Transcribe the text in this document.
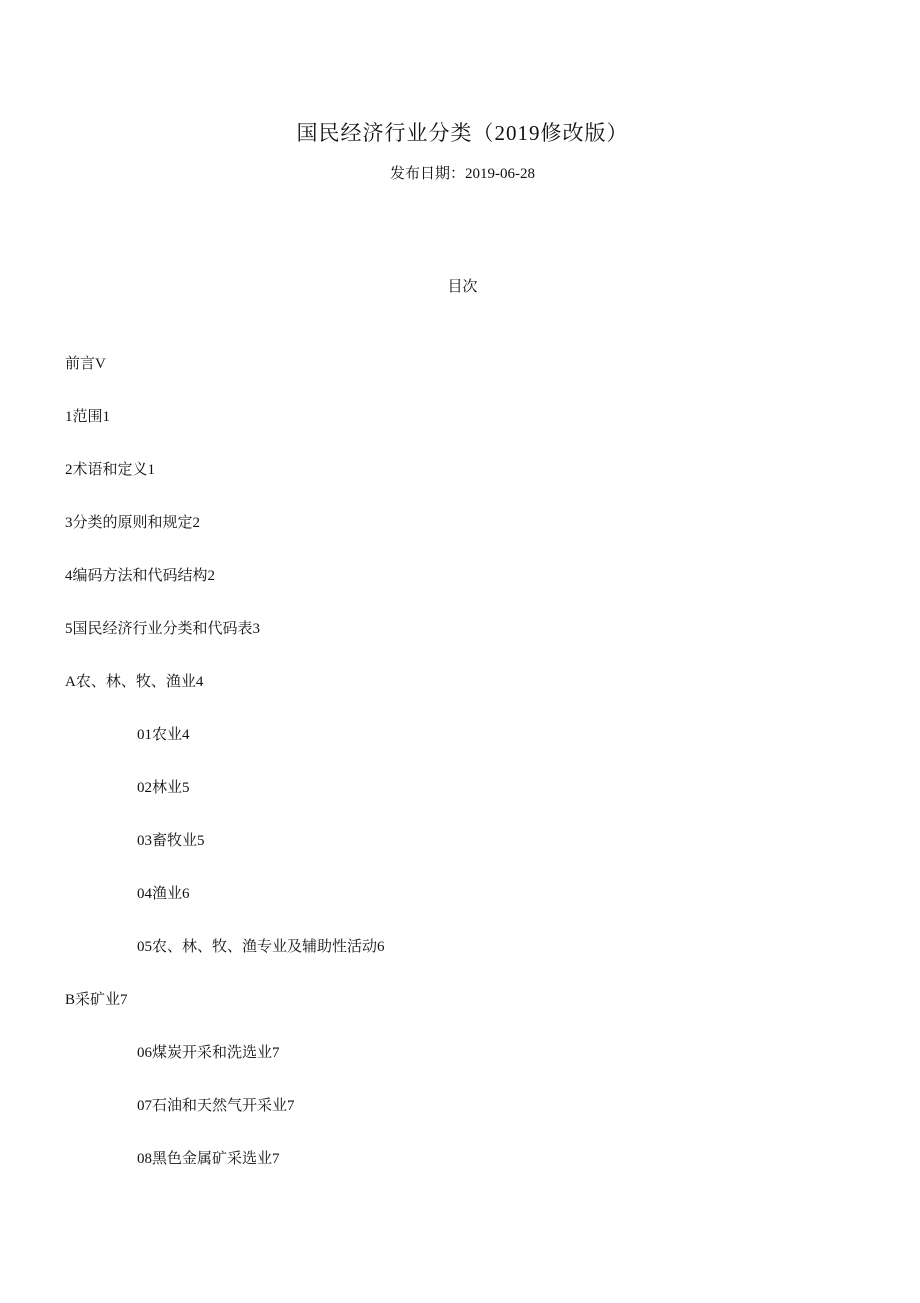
国民经济行业分类（2019修改版）

发布日期：2019-06-28

目次

前言V
1范围1
2术语和定义1
3分类的原则和规定2
4编码方法和代码结构2
5国民经济行业分类和代码表3
A农、林、牧、渔业4
01农业4
02林业5
03畜牧业5
04渔业6
05农、林、牧、渔专业及辅助性活动6
B采矿业7
06煤炭开采和洗选业7
07石油和天然气开采业7
08黑色金属矿采选业7
